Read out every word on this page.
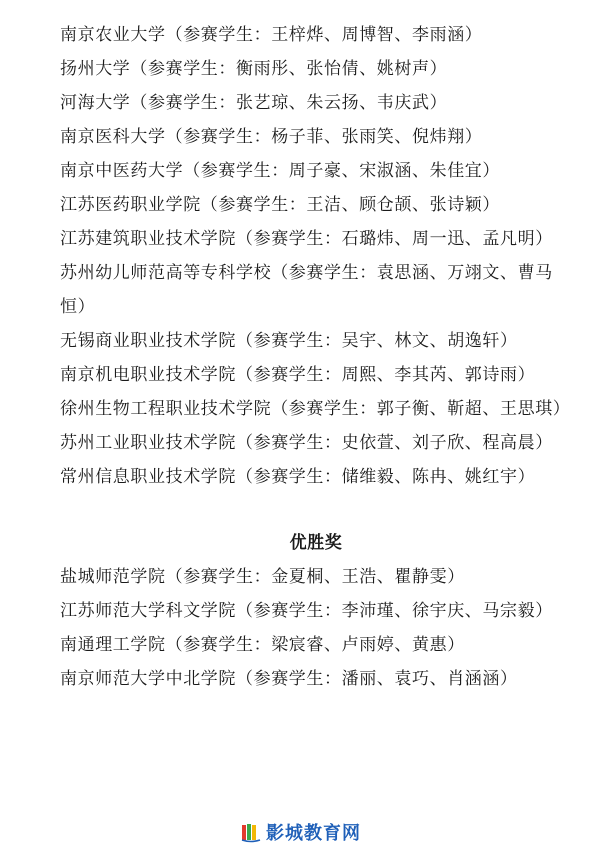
南京农业大学（参赛学生：王梓烨、周博智、李雨涵）

扬州大学（参赛学生：衡雨彤、张怡倩、姚树声）

河海大学（参赛学生：张艺琼、朱云扬、韦庆武）

南京医科大学（参赛学生：杨子菲、张雨笑、倪炜翔）

南京中医药大学（参赛学生：周子豪、宋淑涵、朱佳宜）

江苏医药职业学院（参赛学生：王洁、顾仓颉、张诗颖）

江苏建筑职业技术学院（参赛学生：石璐炜、周一迅、孟凡明）

苏州幼儿师范高等专科学校（参赛学生：袁思涵、万翊文、曹马恒）

无锡商业职业技术学院（参赛学生：吴宇、林文、胡逸轩）

南京机电职业技术学院（参赛学生：周熙、李其芮、郭诗雨）

徐州生物工程职业技术学院（参赛学生：郭子衡、靳超、王思琪）

苏州工业职业技术学院（参赛学生：史依萱、刘子欣、程高晨）

常州信息职业技术学院（参赛学生：储维毅、陈冉、姚红宇）

优胜奖

盐城师范学院（参赛学生：金夏桐、王浩、瞿静雯）

江苏师范大学科文学院（参赛学生：李沛瑾、徐宇庆、马宗毅）

南通理工学院（参赛学生：梁宸睿、卢雨婷、黄惠）

南京师范大学中北学院（参赛学生：潘丽、袁巧、肖涵涵）

影城教育网
